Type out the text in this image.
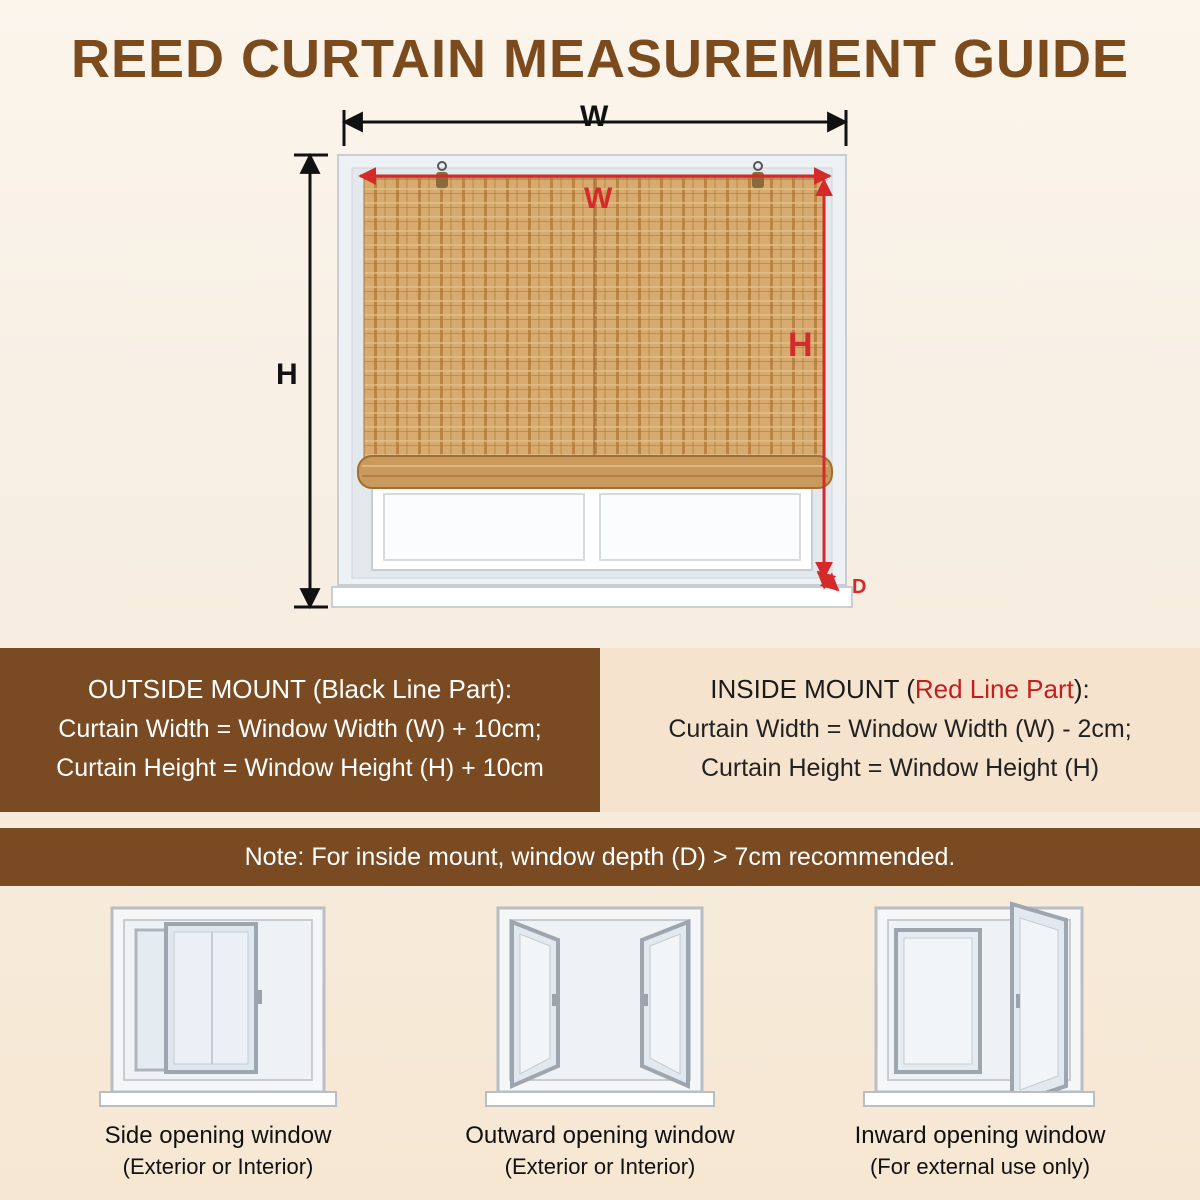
REED CURTAIN MEASUREMENT GUIDE
W
H
W
H
D
OUTSIDE MOUNT (Black Line Part):
Curtain Width = Window Width (W) + 10cm;
Curtain Height = Window Height (H) + 10cm
INSIDE MOUNT (Red Line Part):
Curtain Width = Window Width (W) - 2cm;
Curtain Height = Window Height (H)
Note: For inside mount, window depth (D) > 7cm recommended.
Side opening window
(Exterior or Interior)
Outward opening window
(Exterior or Interior)
Inward opening window
(For external use only)
